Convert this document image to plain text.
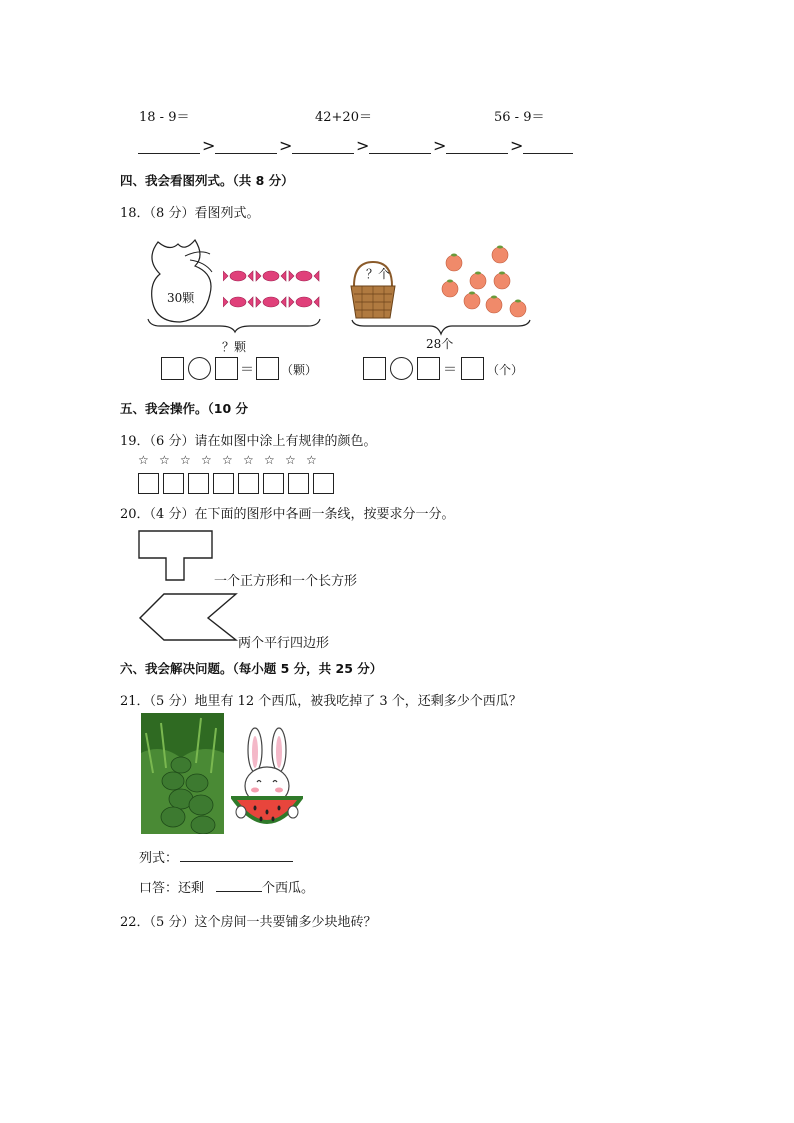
18 - 9＝	42+20＝	56 - 9＝
>	>	>	>	>
四、我会看图列式。（共 8 分）
18．（8 分）看图列式。
30颗
？颗
＝ （颗）
？个
28个
＝	（个）
五、我会操作。（10 分
19．（6 分）请在如图中涂上有规律的颜色。
☆ ☆ ☆ ☆ ☆ ☆ ☆ ☆ ☆
20．（4 分）在下面的图形中各画一条线，按要求分一分。
一个正方形和一个长方形
两个平行四边形
六、我会解决问题。（每小题 5 分，共 25 分）
21．（5 分）地里有 12 个西瓜，被我吃掉了 3 个，还剩多少个西瓜？
列式：
口答：还剩	个西瓜。
22．（5 分）这个房间一共要铺多少块地砖？
